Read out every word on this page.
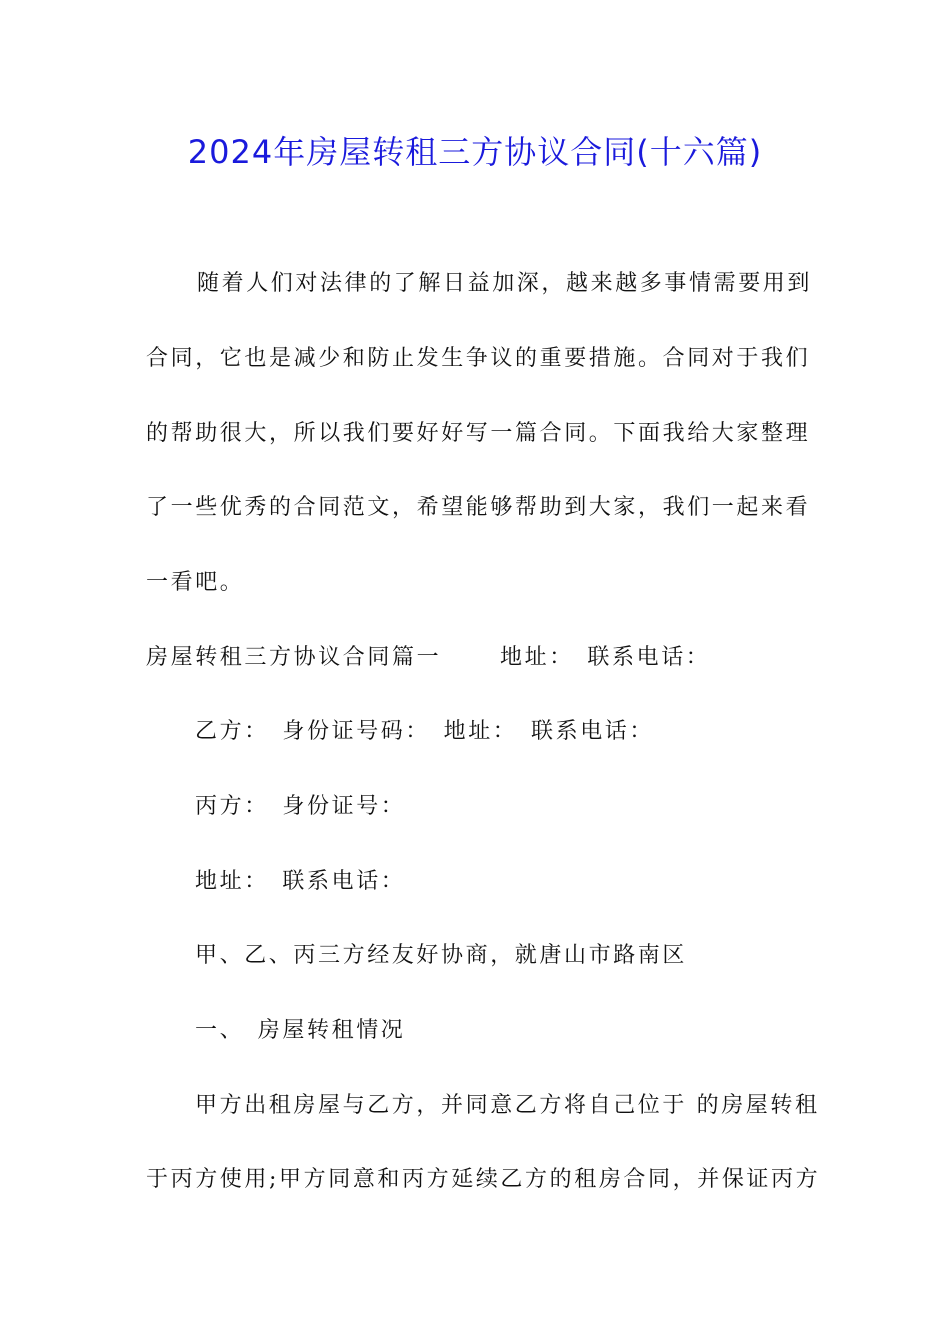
2024年房屋转租三方协议合同(十六篇)
随着人们对法律的了解日益加深，越来越多事情需要用到
合同，它也是减少和防止发生争议的重要措施。合同对于我们
的帮助很大，所以我们要好好写一篇合同。下面我给大家整理
了一些优秀的合同范文，希望能够帮助到大家，我们一起来看
一看吧。
房屋转租三方协议合同篇一　　 地址：　联系电话：
乙方：　身份证号码：　地址：　联系电话：
丙方：　身份证号：
地址：　联系电话：
甲、乙、丙三方经友好协商，就唐山市路南区
一、　房屋转租情况
甲方出租房屋与乙方，并同意乙方将自己位于 的房屋转租
于丙方使用;甲方同意和丙方延续乙方的租房合同，并保证丙方
